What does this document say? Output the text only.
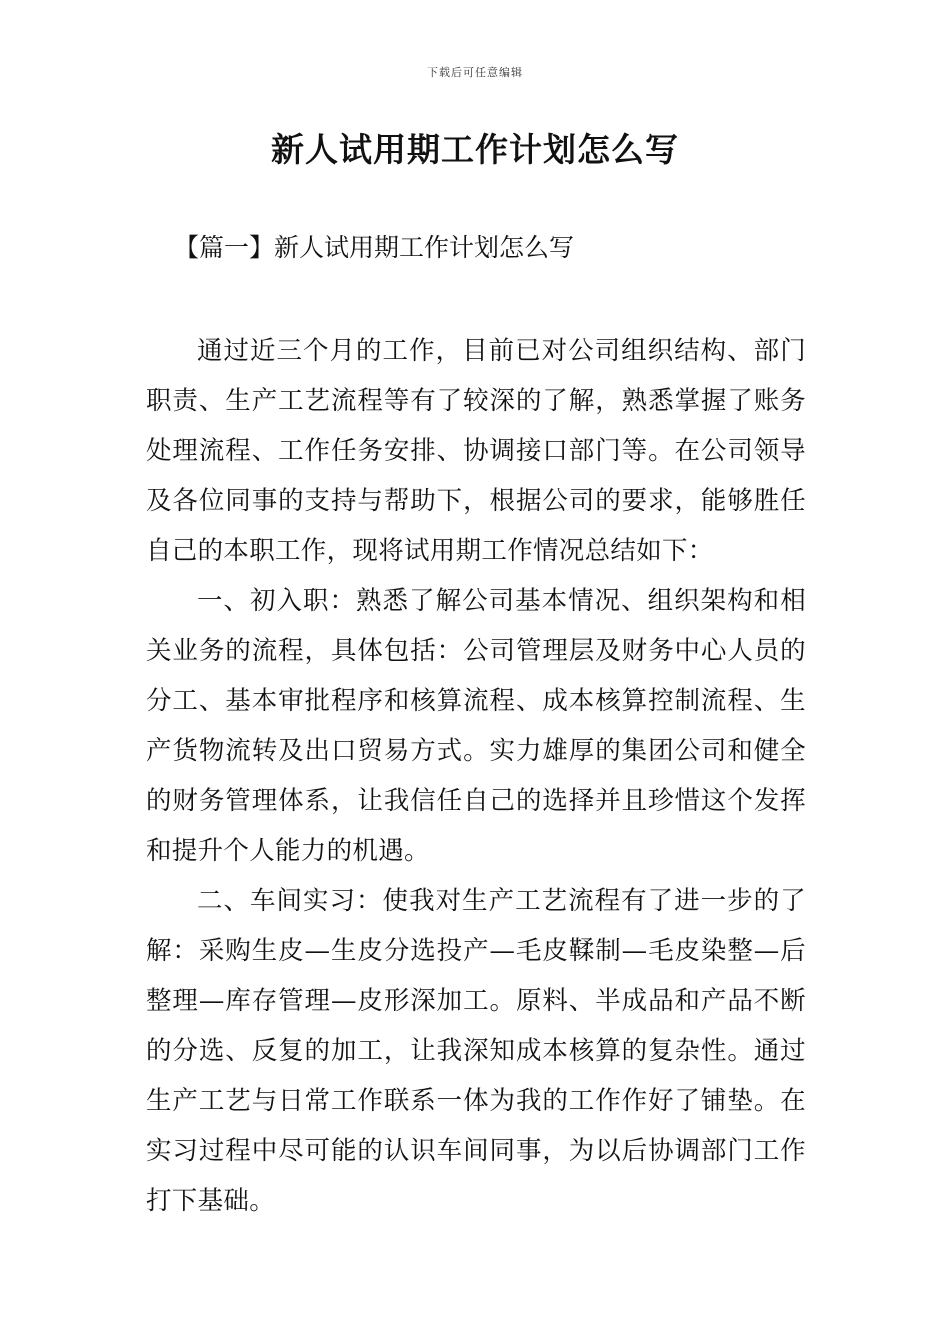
下载后可任意编辑
新人试用期工作计划怎么写
【篇一】新人试用期工作计划怎么写

通过近三个月的工作，目前已对公司组织结构、部门职责、生产工艺流程等有了较深的了解，熟悉掌握了账务处理流程、工作任务安排、协调接口部门等。在公司领导及各位同事的支持与帮助下，根据公司的要求，能够胜任自己的本职工作，现将试用期工作情况总结如下：

一、初入职：熟悉了解公司基本情况、组织架构和相关业务的流程，具体包括：公司管理层及财务中心人员的分工、基本审批程序和核算流程、成本核算控制流程、生产货物流转及出口贸易方式。实力雄厚的集团公司和健全的财务管理体系，让我信任自己的选择并且珍惜这个发挥和提升个人能力的机遇。

二、车间实习：使我对生产工艺流程有了进一步的了解：采购生皮—生皮分选投产—毛皮鞣制—毛皮染整—后整理—库存管理—皮形深加工。原料、半成品和产品不断的分选、反复的加工，让我深知成本核算的复杂性。通过生产工艺与日常工作联系一体为我的工作作好了铺垫。在实习过程中尽可能的认识车间同事，为以后协调部门工作打下基础。
